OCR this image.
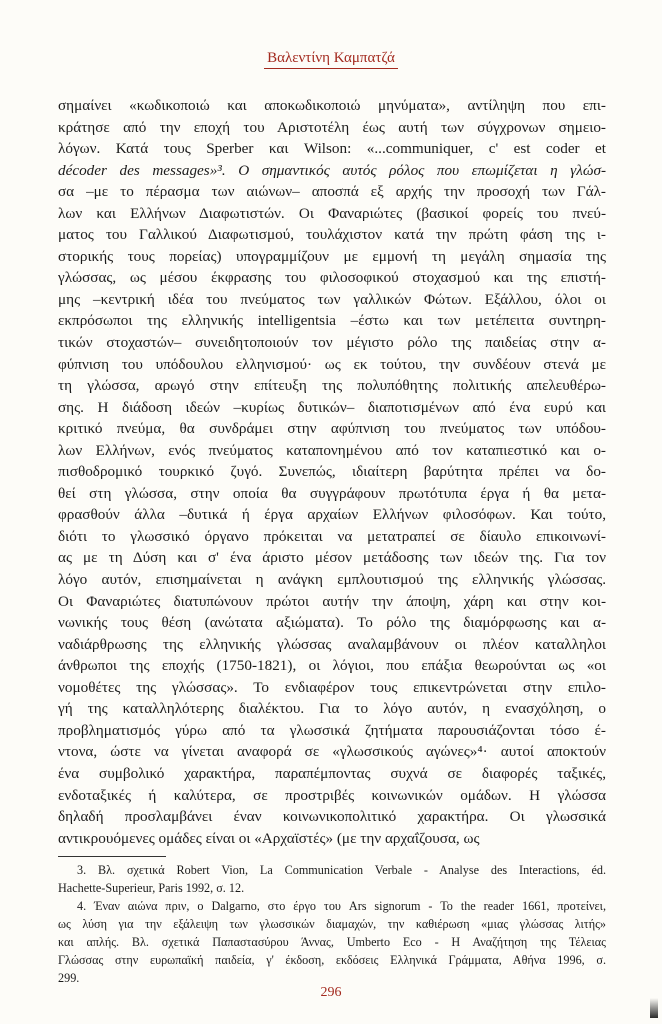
Βαλεντίνη Καμπατζά
σημαίνει «κωδικοποιώ και αποκωδικοποιώ μηνύματα», αντίληψη που επι-
κράτησε από την εποχή του Αριστοτέλη έως αυτή των σύγχρονων σημειο-
λόγων. Κατά τους Sperber και Wilson: «...communiquer, c' est coder et
décoder des messages»³. Ο σημαντικός αυτός ρόλος που επωμίζεται η γλώσ-
σα –με το πέρασμα των αιώνων– αποσπά εξ αρχής την προσοχή των Γάλ-
λων και Ελλήνων Διαφωτιστών. Οι Φαναριώτες (βασικοί φορείς του πνεύ-
ματος του Γαλλικού Διαφωτισμού, τουλάχιστον κατά την πρώτη φάση της ι-
στορικής τους πορείας) υπογραμμίζουν με εμμονή τη μεγάλη σημασία της
γλώσσας, ως μέσου έκφρασης του φιλοσοφικού στοχασμού και της επιστή-
μης –κεντρική ιδέα του πνεύματος των γαλλικών Φώτων. Εξάλλου, όλοι οι
εκπρόσωποι της ελληνικής intelligentsia –έστω και των μετέπειτα συντηρη-
τικών στοχαστών– συνειδητοποιούν τον μέγιστο ρόλο της παιδείας στην α-
φύπνιση του υπόδουλου ελληνισμού· ως εκ τούτου, την συνδέουν στενά με
τη γλώσσα, αρωγό στην επίτευξη της πολυπόθητης πολιτικής απελευθέρω-
σης. Η διάδοση ιδεών –κυρίως δυτικών– διαποτισμένων από ένα ευρύ και
κριτικό πνεύμα, θα συνδράμει στην αφύπνιση του πνεύματος των υπόδου-
λων Ελλήνων, ενός πνεύματος καταπονημένου από τον καταπιεστικό και ο-
πισθοδρομικό τουρκικό ζυγό. Συνεπώς, ιδιαίτερη βαρύτητα πρέπει να δο-
θεί στη γλώσσα, στην οποία θα συγγράφουν πρωτότυπα έργα ή θα μετα-
φρασθούν άλλα –δυτικά ή έργα αρχαίων Ελλήνων φιλοσόφων. Και τούτο,
διότι το γλωσσικό όργανο πρόκειται να μετατραπεί σε δίαυλο επικοινωνί-
ας με τη Δύση και σ' ένα άριστο μέσον μετάδοσης των ιδεών της. Για τον
λόγο αυτόν, επισημαίνεται η ανάγκη εμπλουτισμού της ελληνικής γλώσσας.
Οι Φαναριώτες διατυπώνουν πρώτοι αυτήν την άποψη, χάρη και στην κοι-
νωνικής τους θέση (ανώτατα αξιώματα). Το ρόλο της διαμόρφωσης και α-
ναδιάρθρωσης της ελληνικής γλώσσας αναλαμβάνουν οι πλέον καταλληλοι
άνθρωποι της εποχής (1750-1821), οι λόγιοι, που επάξια θεωρούνται ως «οι
νομοθέτες της γλώσσας». Το ενδιαφέρον τους επικεντρώνεται στην επιλο-
γή της καταλληλότερης διαλέκτου. Για το λόγο αυτόν, η ενασχόληση, ο
προβληματισμός γύρω από τα γλωσσικά ζητήματα παρουσιάζονται τόσο έ-
ντονα, ώστε να γίνεται αναφορά σε «γλωσσικούς αγώνες»⁴· αυτοί αποκτούν
ένα συμβολικό χαρακτήρα, παραπέμποντας συχνά σε διαφορές ταξικές,
ενδοταξικές ή καλύτερα, σε προστριβές κοινωνικών ομάδων. Η γλώσσα
δηλαδή προσλαμβάνει έναν κοινωνικοπολιτικό χαρακτήρα. Οι γλωσσικά
αντικρουόμενες ομάδες είναι οι «Αρχαϊστές» (με την αρχαΐζουσα, ως
3. Βλ. σχετικά Robert Vion, La Communication Verbale - Analyse des Interactions, éd.
Hachette-Superieur, Paris 1992, σ. 12.
4. Έναν αιώνα πριν, ο Dalgarno, στο έργο του Ars signorum - To the reader 1661, προτείνει,
ως λύση για την εξάλειψη των γλωσσικών διαμαχών, την καθιέρωση «μιας γλώσσας λιτής»
και απλής. Βλ. σχετικά Παπαστασύρου Άννας, Umberto Eco - Η Αναζήτηση της Τέλειας
Γλώσσας στην ευρωπαϊκή παιδεία, γ' έκδοση, εκδόσεις Ελληνικά Γράμματα, Αθήνα 1996, σ.
299.
296
